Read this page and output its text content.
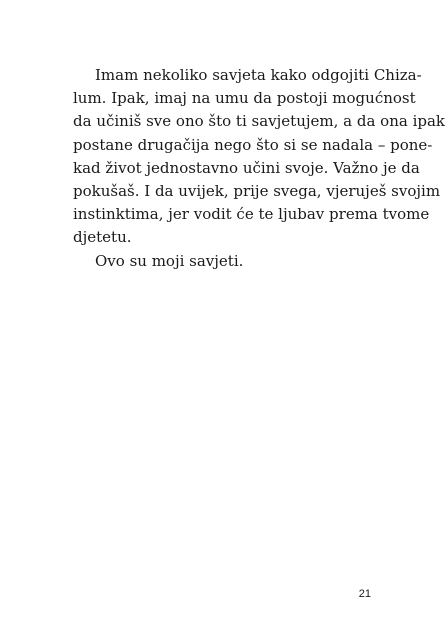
Imam nekoliko savjeta kako odgojiti Chiza-
lum. Ipak, imaj na umu da postoji mogućnost
da učiniš sve ono što ti savjetujem, a da ona ipak
postane drugačija nego što si se nadala – pone-
kad život jednostavno učini svoje. Važno je da
pokušaš. I da uvijek, prije svega, vjeruješ svojim
instinktima, jer vodit će te ljubav prema tvome
djetetu.
Ovo su moji savjeti.
21
